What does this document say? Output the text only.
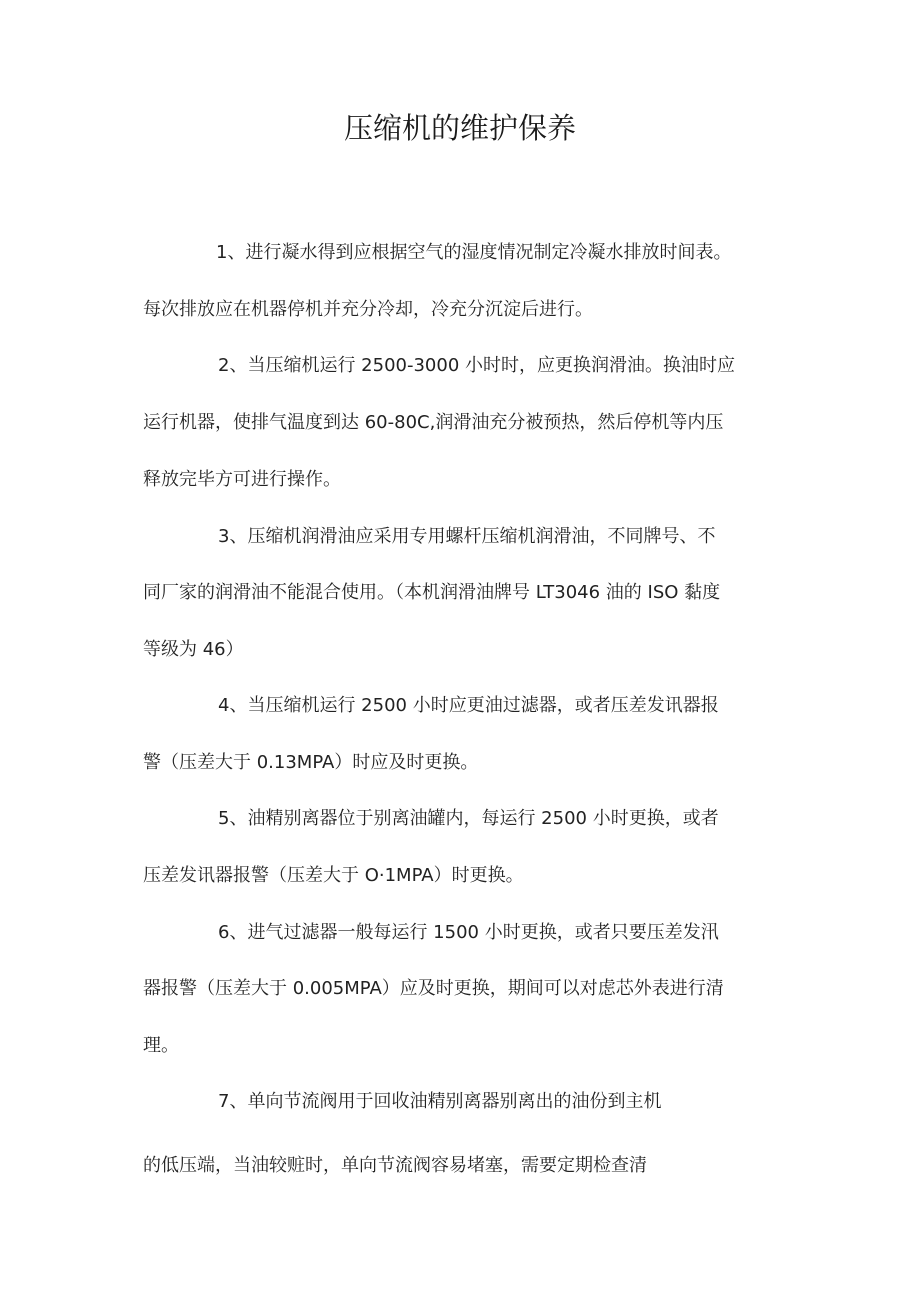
压缩机的维护保养
1、进行凝水得到应根据空气的湿度情况制定冷凝水排放时间表。
每次排放应在机器停机并充分冷却，冷充分沉淀后进行。
2、当压缩机运行 2500-3000 小时时，应更换润滑油。换油时应
运行机器，使排气温度到达 60-80C,润滑油充分被预热，然后停机等内压
释放完毕方可进行操作。
3、压缩机润滑油应采用专用螺杆压缩机润滑油，不同牌号、不
同厂家的润滑油不能混合使用。（本机润滑油牌号 LT3046 油的 ISO 黏度
等级为 46）
4、当压缩机运行 2500 小时应更油过滤器，或者压差发讯器报
警（压差大于 0.13MPA）时应及时更换。
5、油精别离器位于别离油罐内，每运行 2500 小时更换，或者
压差发讯器报警（压差大于 O·1MPA）时更换。
6、进气过滤器一般每运行 1500 小时更换，或者只要压差发汛
器报警（压差大于 0.005MPA）应及时更换，期间可以对虑芯外表进行清
理。
7、单向节流阀用于回收油精别离器别离出的油份到主机
的低压端，当油较赃时，单向节流阀容易堵塞，需要定期检查清
